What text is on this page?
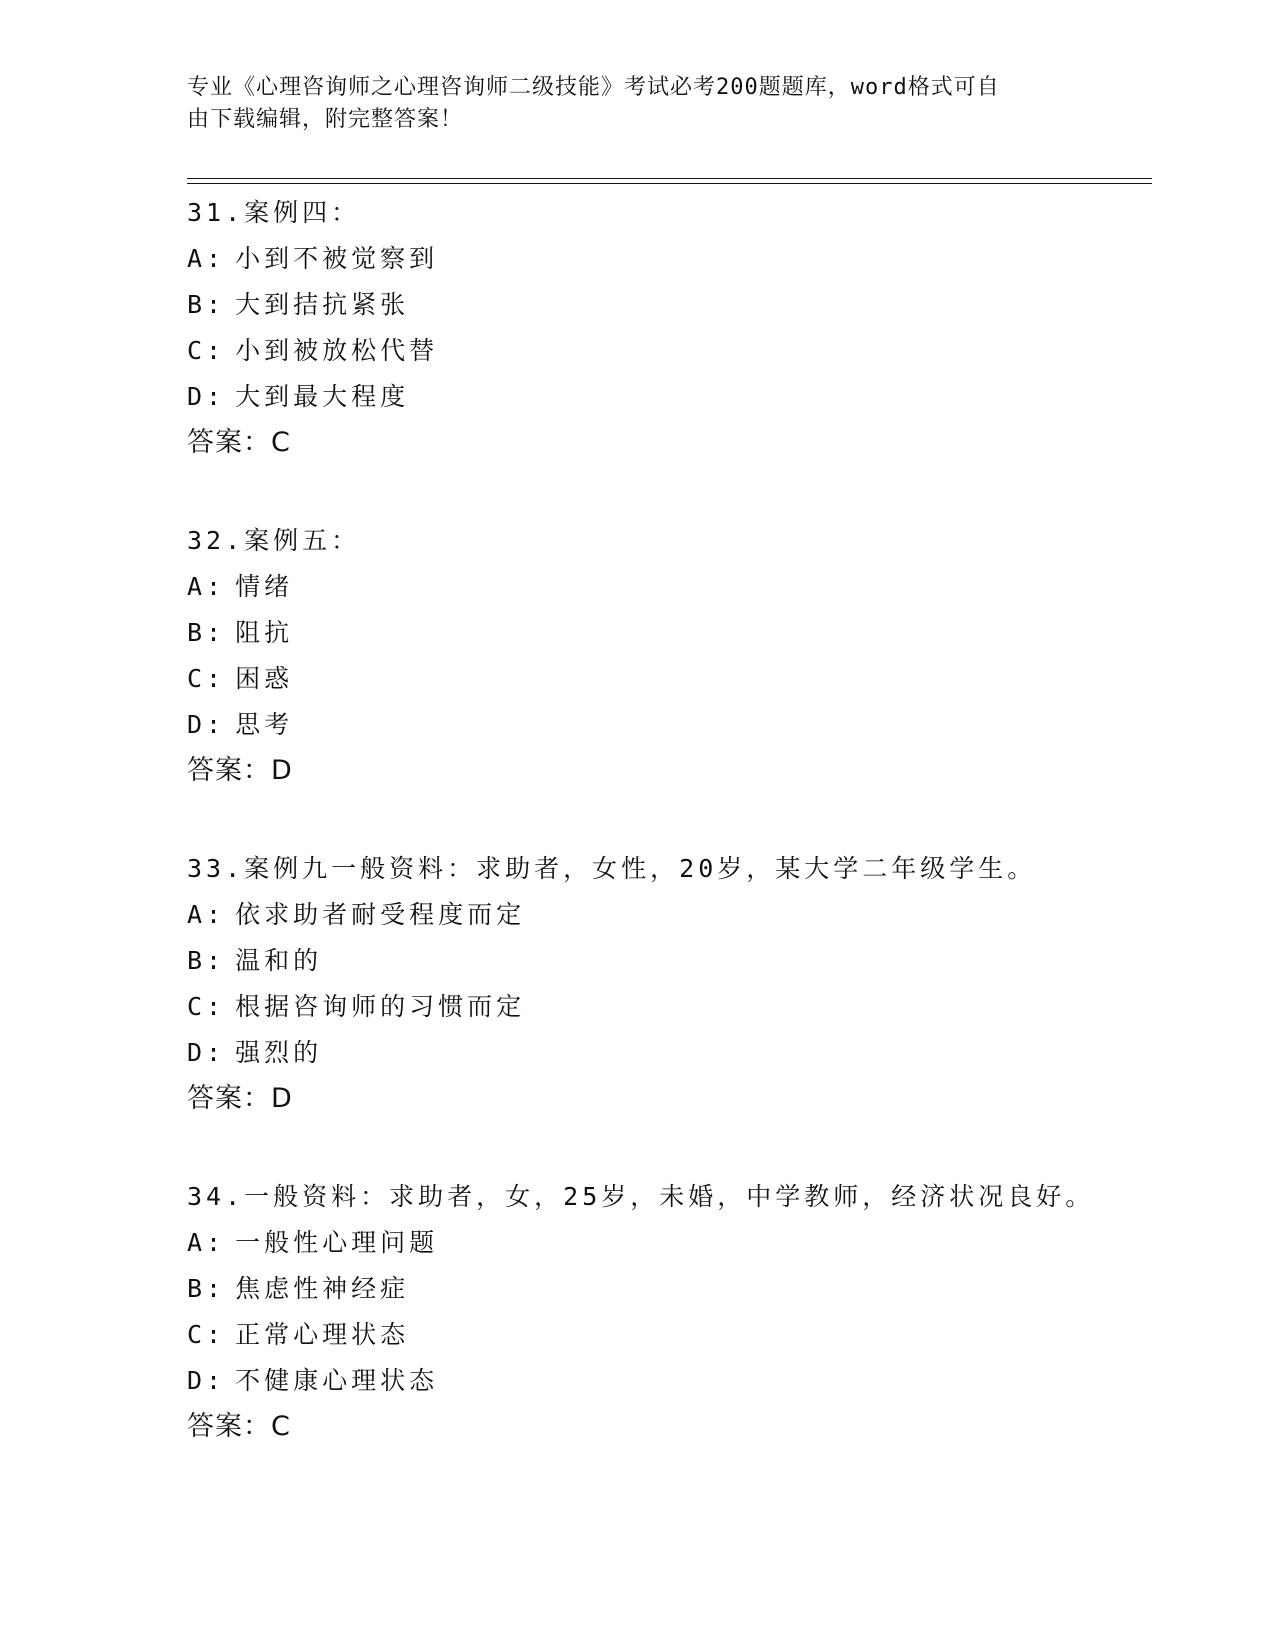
专业《心理咨询师之心理咨询师二级技能》考试必考200题题库，word格式可自

由下载编辑，附完整答案！

31.案例四：
A: 小到不被觉察到
B: 大到拮抗紧张
C: 小到被放松代替
D: 大到最大程度
答案：C
32.案例五：
A: 情绪
B: 阻抗
C: 困惑
D: 思考
答案：D
33.案例九一般资料：求助者，女性，20岁，某大学二年级学生。
A: 依求助者耐受程度而定
B: 温和的
C: 根据咨询师的习惯而定
D: 强烈的
答案：D
34.一般资料：求助者，女，25岁，未婚，中学教师，经济状况良好。
A: 一般性心理问题
B: 焦虑性神经症
C: 正常心理状态
D: 不健康心理状态
答案：C
